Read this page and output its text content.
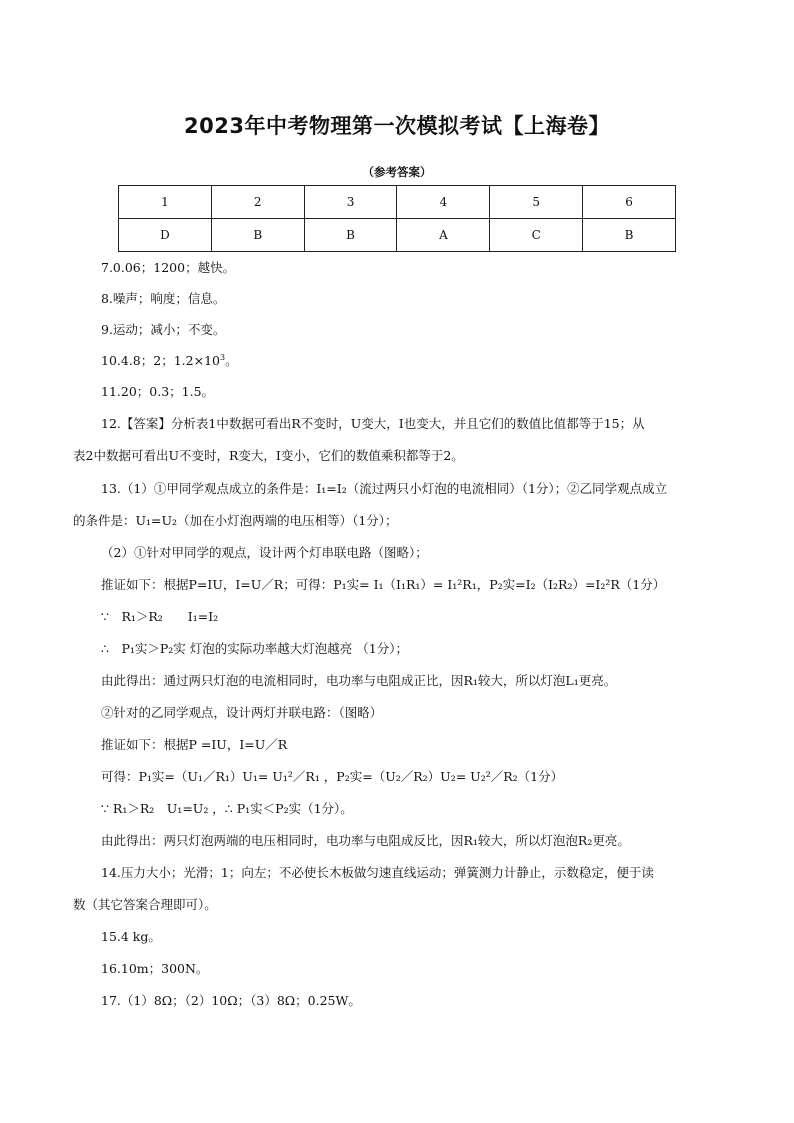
2023年中考物理第一次模拟考试【上海卷】
（参考答案）
1	2	3	4	5	6
D	B	B	A	C	B
7.0.06；1200；越快。
8.噪声；响度；信息。
9.运动；减小；不变。
10.4.8；2；$1.2\times 10^3$。
11.20；0.3；1.5。
12.【答案】分析表1中数据可看出R不变时，U变大，I也变大，并且它们的数值比值都等于15；从
表2中数据可看出U不变时，R变大，I变小，它们的数值乘积都等于2。
13.（1）①甲同学观点成立的条件是：I₁=I₂（流过两只小灯泡的电流相同）（1分）；②乙同学观点成立
的条件是：U₁=U₂（加在小灯泡两端的电压相等）（1分）；
（2）①针对甲同学的观点，设计两个灯串联电路（图略）；
推证如下：根据P=IU，I=U／R；可得：P₁实= I₁（I₁R₁）= I₁²R₁，P₂实=I₂（I₂R₂）=I₂²R（1分）
∵　R₁＞R₂　　I₁=I₂
∴　P₁实＞P₂实 灯泡的实际功率越大灯泡越亮 （1分）；
由此得出：通过两只灯泡的电流相同时，电功率与电阻成正比，因R₁较大，所以灯泡L₁更亮。
②针对的乙同学观点，设计两灯并联电路：（图略）
推证如下：根据P =IU，I=U／R
可得：P₁实=（U₁／R₁）U₁= U₁²／R₁ ，P₂实=（U₂／R₂）U₂= U₂²／R₂（1分）
∵ R₁＞R₂　U₁=U₂ ，∴ P₁实＜P₂实（1分）。
由此得出：两只灯泡两端的电压相同时，电功率与电阻成反比，因R₁较大，所以灯泡泡R₂更亮。
14.压力大小；光滑；1；向左；不必使长木板做匀速直线运动；弹簧测力计静止，示数稳定，便于读
数（其它答案合理即可）。
15.4 kg。
16.10m；300N。
17.（1）8Ω；（2）10Ω；（3）8Ω；0.25W。
